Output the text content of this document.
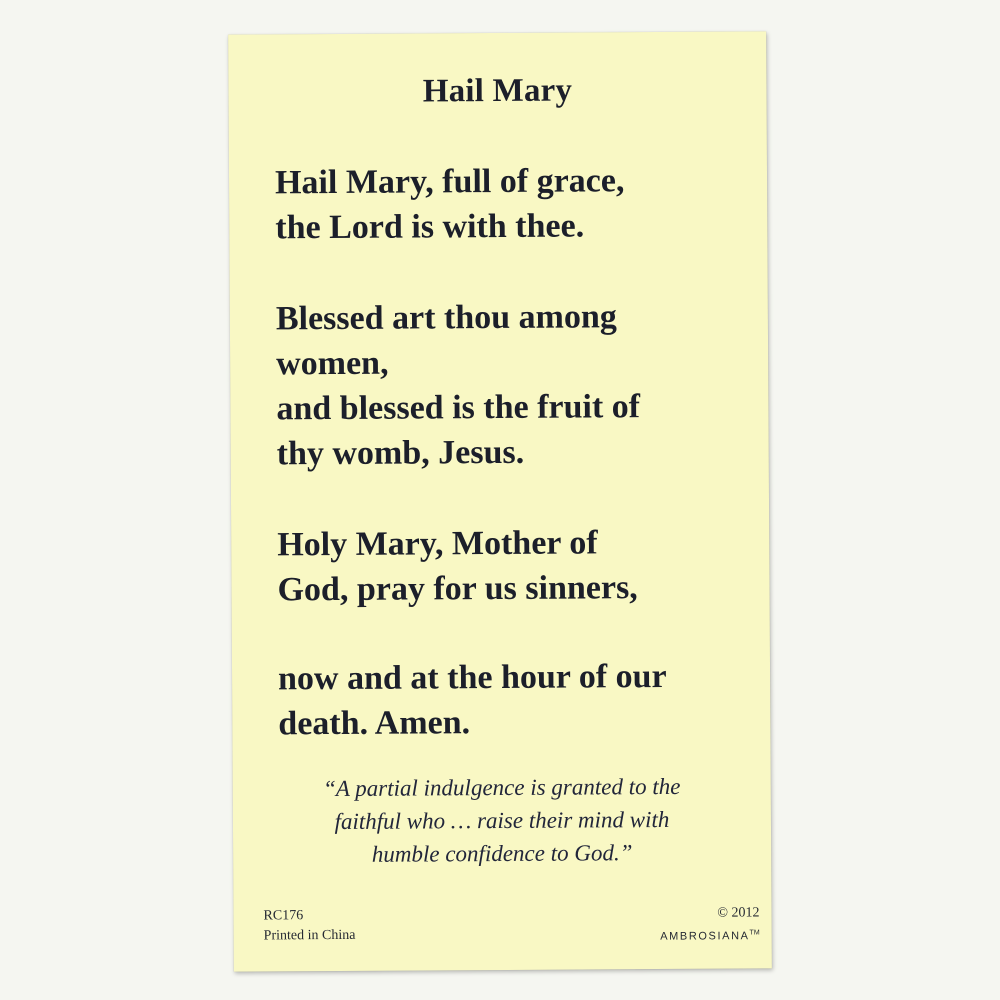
Hail Mary
Hail Mary, full of grace,
the Lord is with thee.
Blessed art thou among
women,
and blessed is the fruit of
thy womb, Jesus.
Holy Mary, Mother of
God, pray for us sinners,
now and at the hour of our
death. Amen.
“A partial indulgence is granted to the
faithful who … raise their mind with
humble confidence to God.”
RC176
Printed in China
© 2012
AMBROSIANA™
